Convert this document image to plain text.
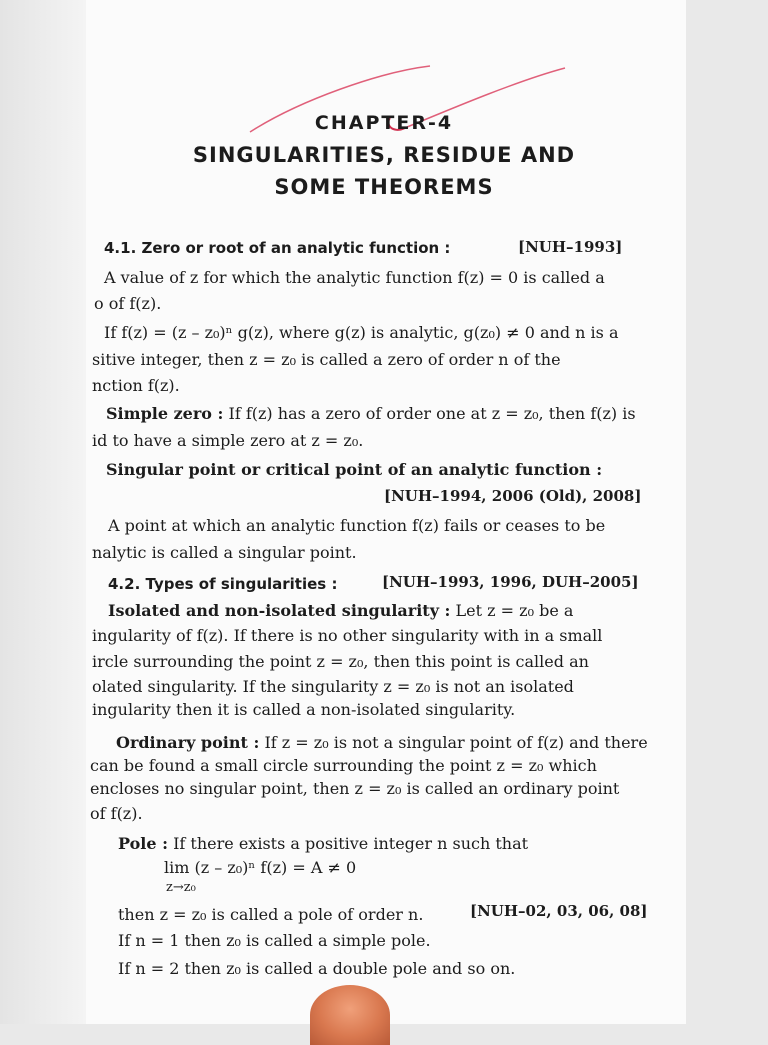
CHAPTER-4
SINGULARITIES, RESIDUE AND
SOME THEOREMS
4.1. Zero or root of an analytic function :	[NUH–1993]
A value of z for which the analytic function f(z) = 0 is called a
o of f(z).
If f(z) = (z – z₀)ⁿ g(z), where g(z) is analytic, g(z₀) ≠ 0 and n is a
sitive integer, then z = z₀ is called a zero of order n of the
nction f(z).
Simple zero : If f(z) has a zero of order one at z = z₀, then f(z) is
id to have a simple zero at z = z₀.
Singular point or critical point of an analytic function :
[NUH–1994, 2006 (Old), 2008]
A point at which an analytic function f(z) fails or ceases to be
nalytic is called a singular point.
4.2. Types of singularities :	[NUH–1993, 1996, DUH–2005]
Isolated and non-isolated singularity : Let z = z₀ be a
ingularity of f(z). If there is no other singularity with in a small
ircle surrounding the point z = z₀, then this point is called an
olated singularity. If the singularity z = z₀ is not an isolated
ingularity then it is called a non-isolated singularity.
Ordinary point : If z = z₀ is not a singular point of f(z) and there
can be found a small circle surrounding the point z = z₀ which
encloses no singular point, then z = z₀ is called an ordinary point
of f(z).
Pole : If there exists a positive integer n such that
lim (z – z₀)ⁿ f(z) = A ≠ 0
z→z₀
then z = z₀ is called a pole of order n.	[NUH–02, 03, 06, 08]
If n = 1 then z₀ is called a simple pole.
If n = 2 then z₀ is called a double pole and so on.
